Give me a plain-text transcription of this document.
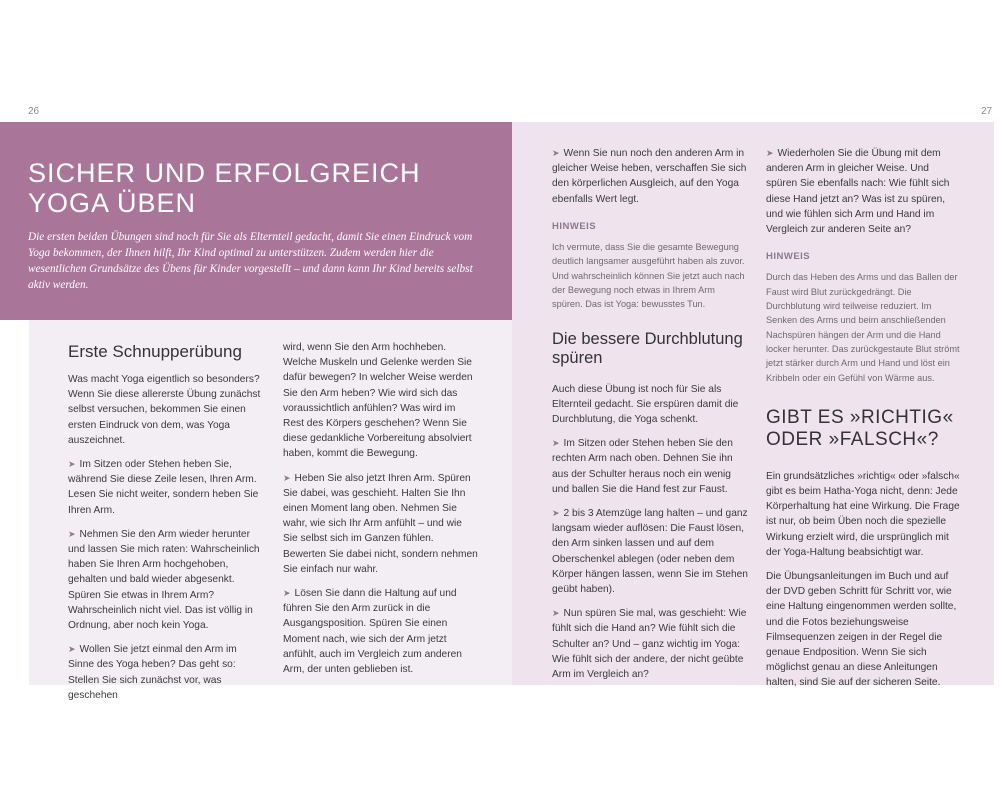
26	27
SICHER UND ERFOLGREICH
YOGA ÜBEN

Die ersten beiden Übungen sind noch für Sie als Elternteil gedacht, damit Sie einen Eindruck vom Yoga bekommen, der Ihnen hilft, Ihr Kind optimal zu unterstützen. Zudem werden hier die wesentlichen Grundsätze des Übens für Kinder vorgestellt – und dann kann Ihr Kind bereits selbst aktiv werden.

Erste Schnupperübung

Was macht Yoga eigentlich so besonders? Wenn Sie diese allererste Übung zunächst selbst versuchen, bekommen Sie einen ersten Eindruck von dem, was Yoga auszeichnet.

➤ Im Sitzen oder Stehen heben Sie, während Sie diese Zeile lesen, Ihren Arm. Lesen Sie nicht weiter, sondern heben Sie Ihren Arm.

➤ Nehmen Sie den Arm wieder herunter und lassen Sie mich raten: Wahrscheinlich haben Sie Ihren Arm hochgehoben, gehalten und bald wieder abgesenkt. Spüren Sie etwas in Ihrem Arm? Wahrscheinlich nicht viel. Das ist völlig in Ordnung, aber noch kein Yoga.

➤ Wollen Sie jetzt einmal den Arm im Sinne des Yoga heben? Das geht so: Stellen Sie sich zunächst vor, was geschehen

wird, wenn Sie den Arm hochheben. Welche Muskeln und Gelenke werden Sie dafür bewegen? In welcher Weise werden Sie den Arm heben? Wie wird sich das voraussichtlich anfühlen? Was wird im Rest des Körpers geschehen? Wenn Sie diese gedankliche Vorbereitung absolviert haben, kommt die Bewegung.

➤ Heben Sie also jetzt Ihren Arm. Spüren Sie dabei, was geschieht. Halten Sie Ihn einen Moment lang oben. Nehmen Sie wahr, wie sich Ihr Arm anfühlt – und wie Sie selbst sich im Ganzen fühlen. Bewerten Sie dabei nicht, sondern nehmen Sie einfach nur wahr.

➤ Lösen Sie dann die Haltung auf und führen Sie den Arm zurück in die Ausgangsposition. Spüren Sie einen Moment nach, wie sich der Arm jetzt anfühlt, auch im Vergleich zum anderen Arm, der unten geblieben ist.

➤ Wenn Sie nun noch den anderen Arm in gleicher Weise heben, verschaffen Sie sich den körperlichen Ausgleich, auf den Yoga ebenfalls Wert legt.

HINWEIS

Ich vermute, dass Sie die gesamte Bewegung deutlich langsamer ausgeführt haben als zuvor. Und wahrscheinlich können Sie jetzt auch nach der Bewegung noch etwas in Ihrem Arm spüren. Das ist Yoga: bewusstes Tun.

Die bessere Durchblutung
spüren

Auch diese Übung ist noch für Sie als Elternteil gedacht. Sie erspüren damit die Durchblutung, die Yoga schenkt.

➤ Im Sitzen oder Stehen heben Sie den rechten Arm nach oben. Dehnen Sie ihn aus der Schulter heraus noch ein wenig und ballen Sie die Hand fest zur Faust.

➤ 2 bis 3 Atemzüge lang halten – und ganz langsam wieder auflösen: Die Faust lösen, den Arm sinken lassen und auf dem Oberschenkel ablegen (oder neben dem Körper hängen lassen, wenn Sie im Stehen geübt haben).

➤ Nun spüren Sie mal, was geschieht: Wie fühlt sich die Hand an? Wie fühlt sich die Schulter an? Und – ganz wichtig im Yoga: Wie fühlt sich der andere, der nicht geübte Arm im Vergleich an?

➤ Wiederholen Sie die Übung mit dem anderen Arm in gleicher Weise. Und spüren Sie ebenfalls nach: Wie fühlt sich diese Hand jetzt an? Was ist zu spüren, und wie fühlen sich Arm und Hand im Vergleich zur anderen Seite an?

HINWEIS

Durch das Heben des Arms und das Ballen der Faust wird Blut zurückgedrängt. Die Durchblutung wird teilweise reduziert. Im Senken des Arms und beim anschließenden Nachspüren hängen der Arm und die Hand locker herunter. Das zurückgestaute Blut strömt jetzt stärker durch Arm und Hand und löst ein Kribbeln oder ein Gefühl von Wärme aus.

GIBT ES »RICHTIG«
ODER »FALSCH«?

Ein grundsätzliches »richtig« oder »falsch« gibt es beim Hatha-Yoga nicht, denn: Jede Körperhaltung hat eine Wirkung. Die Frage ist nur, ob beim Üben noch die spezielle Wirkung erzielt wird, die ursprünglich mit der Yoga-Haltung beabsichtigt war.

Die Übungsanleitungen im Buch und auf der DVD geben Schritt für Schritt vor, wie eine Haltung eingenommen werden sollte, und die Fotos beziehungsweise Filmsequenzen zeigen in der Regel die genaue Endposition. Wenn Sie sich möglichst genau an diese Anleitungen halten, sind Sie auf der sicheren Seite.
